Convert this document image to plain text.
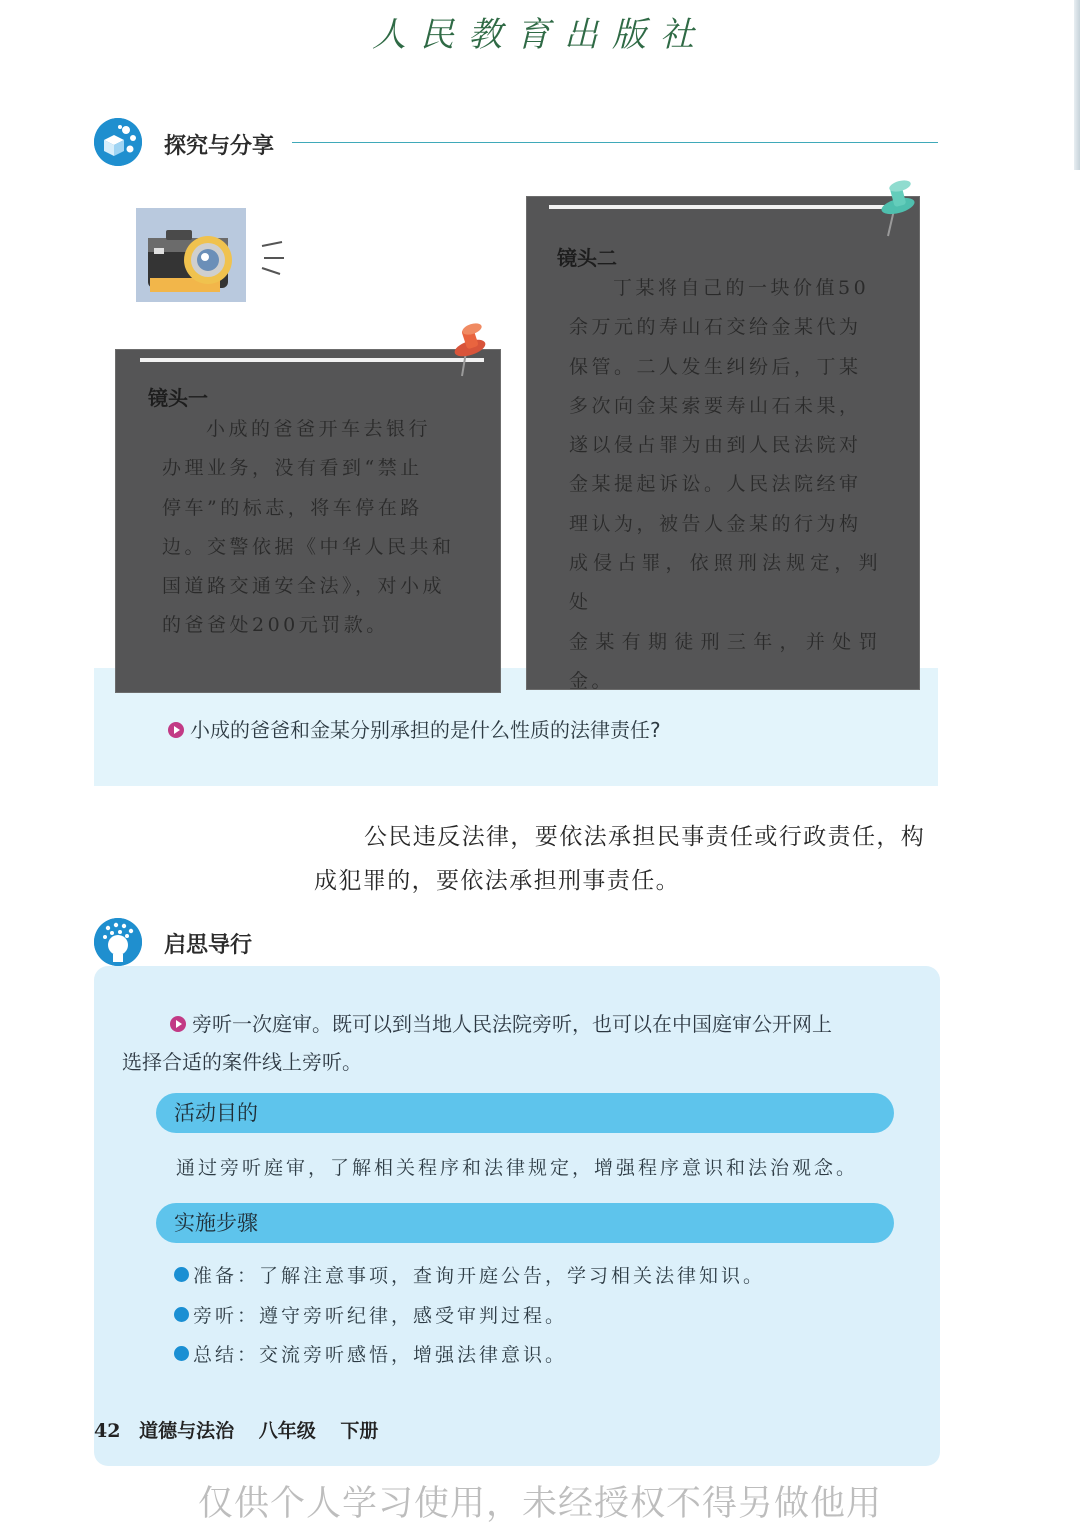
人民教育出版社
探究与分享
镜头一
小成的爸爸开车去银行
办理业务，没有看到“禁止
停车”的标志，将车停在路
边。交警依据《中华人民共和
国道路交通安全法》，对小成
的爸爸处200元罚款。
镜头二
丁某将自己的一块价值50
余万元的寿山石交给金某代为
保管。二人发生纠纷后，丁某
多次向金某索要寿山石未果，
遂以侵占罪为由到人民法院对
金某提起诉讼。人民法院经审
理认为，被告人金某的行为构
成侵占罪，依照刑法规定，判处
金某有期徒刑三年，并处罚金。
小成的爸爸和金某分别承担的是什么性质的法律责任?
公民违反法律，要依法承担民事责任或行政责任，构
成犯罪的，要依法承担刑事责任。
启思导行
旁听一次庭审。既可以到当地人民法院旁听，也可以在中国庭审公开网上
选择合适的案件线上旁听。
活动目的
通过旁听庭审，了解相关程序和法律规定，增强程序意识和法治观念。
实施步骤
准备：了解注意事项，查询开庭公告，学习相关法律知识。
旁听：遵守旁听纪律，感受审判过程。
总结：交流旁听感悟，增强法律意识。
42 道德与法治 八年级 下册
仅供个人学习使用，未经授权不得另做他用
